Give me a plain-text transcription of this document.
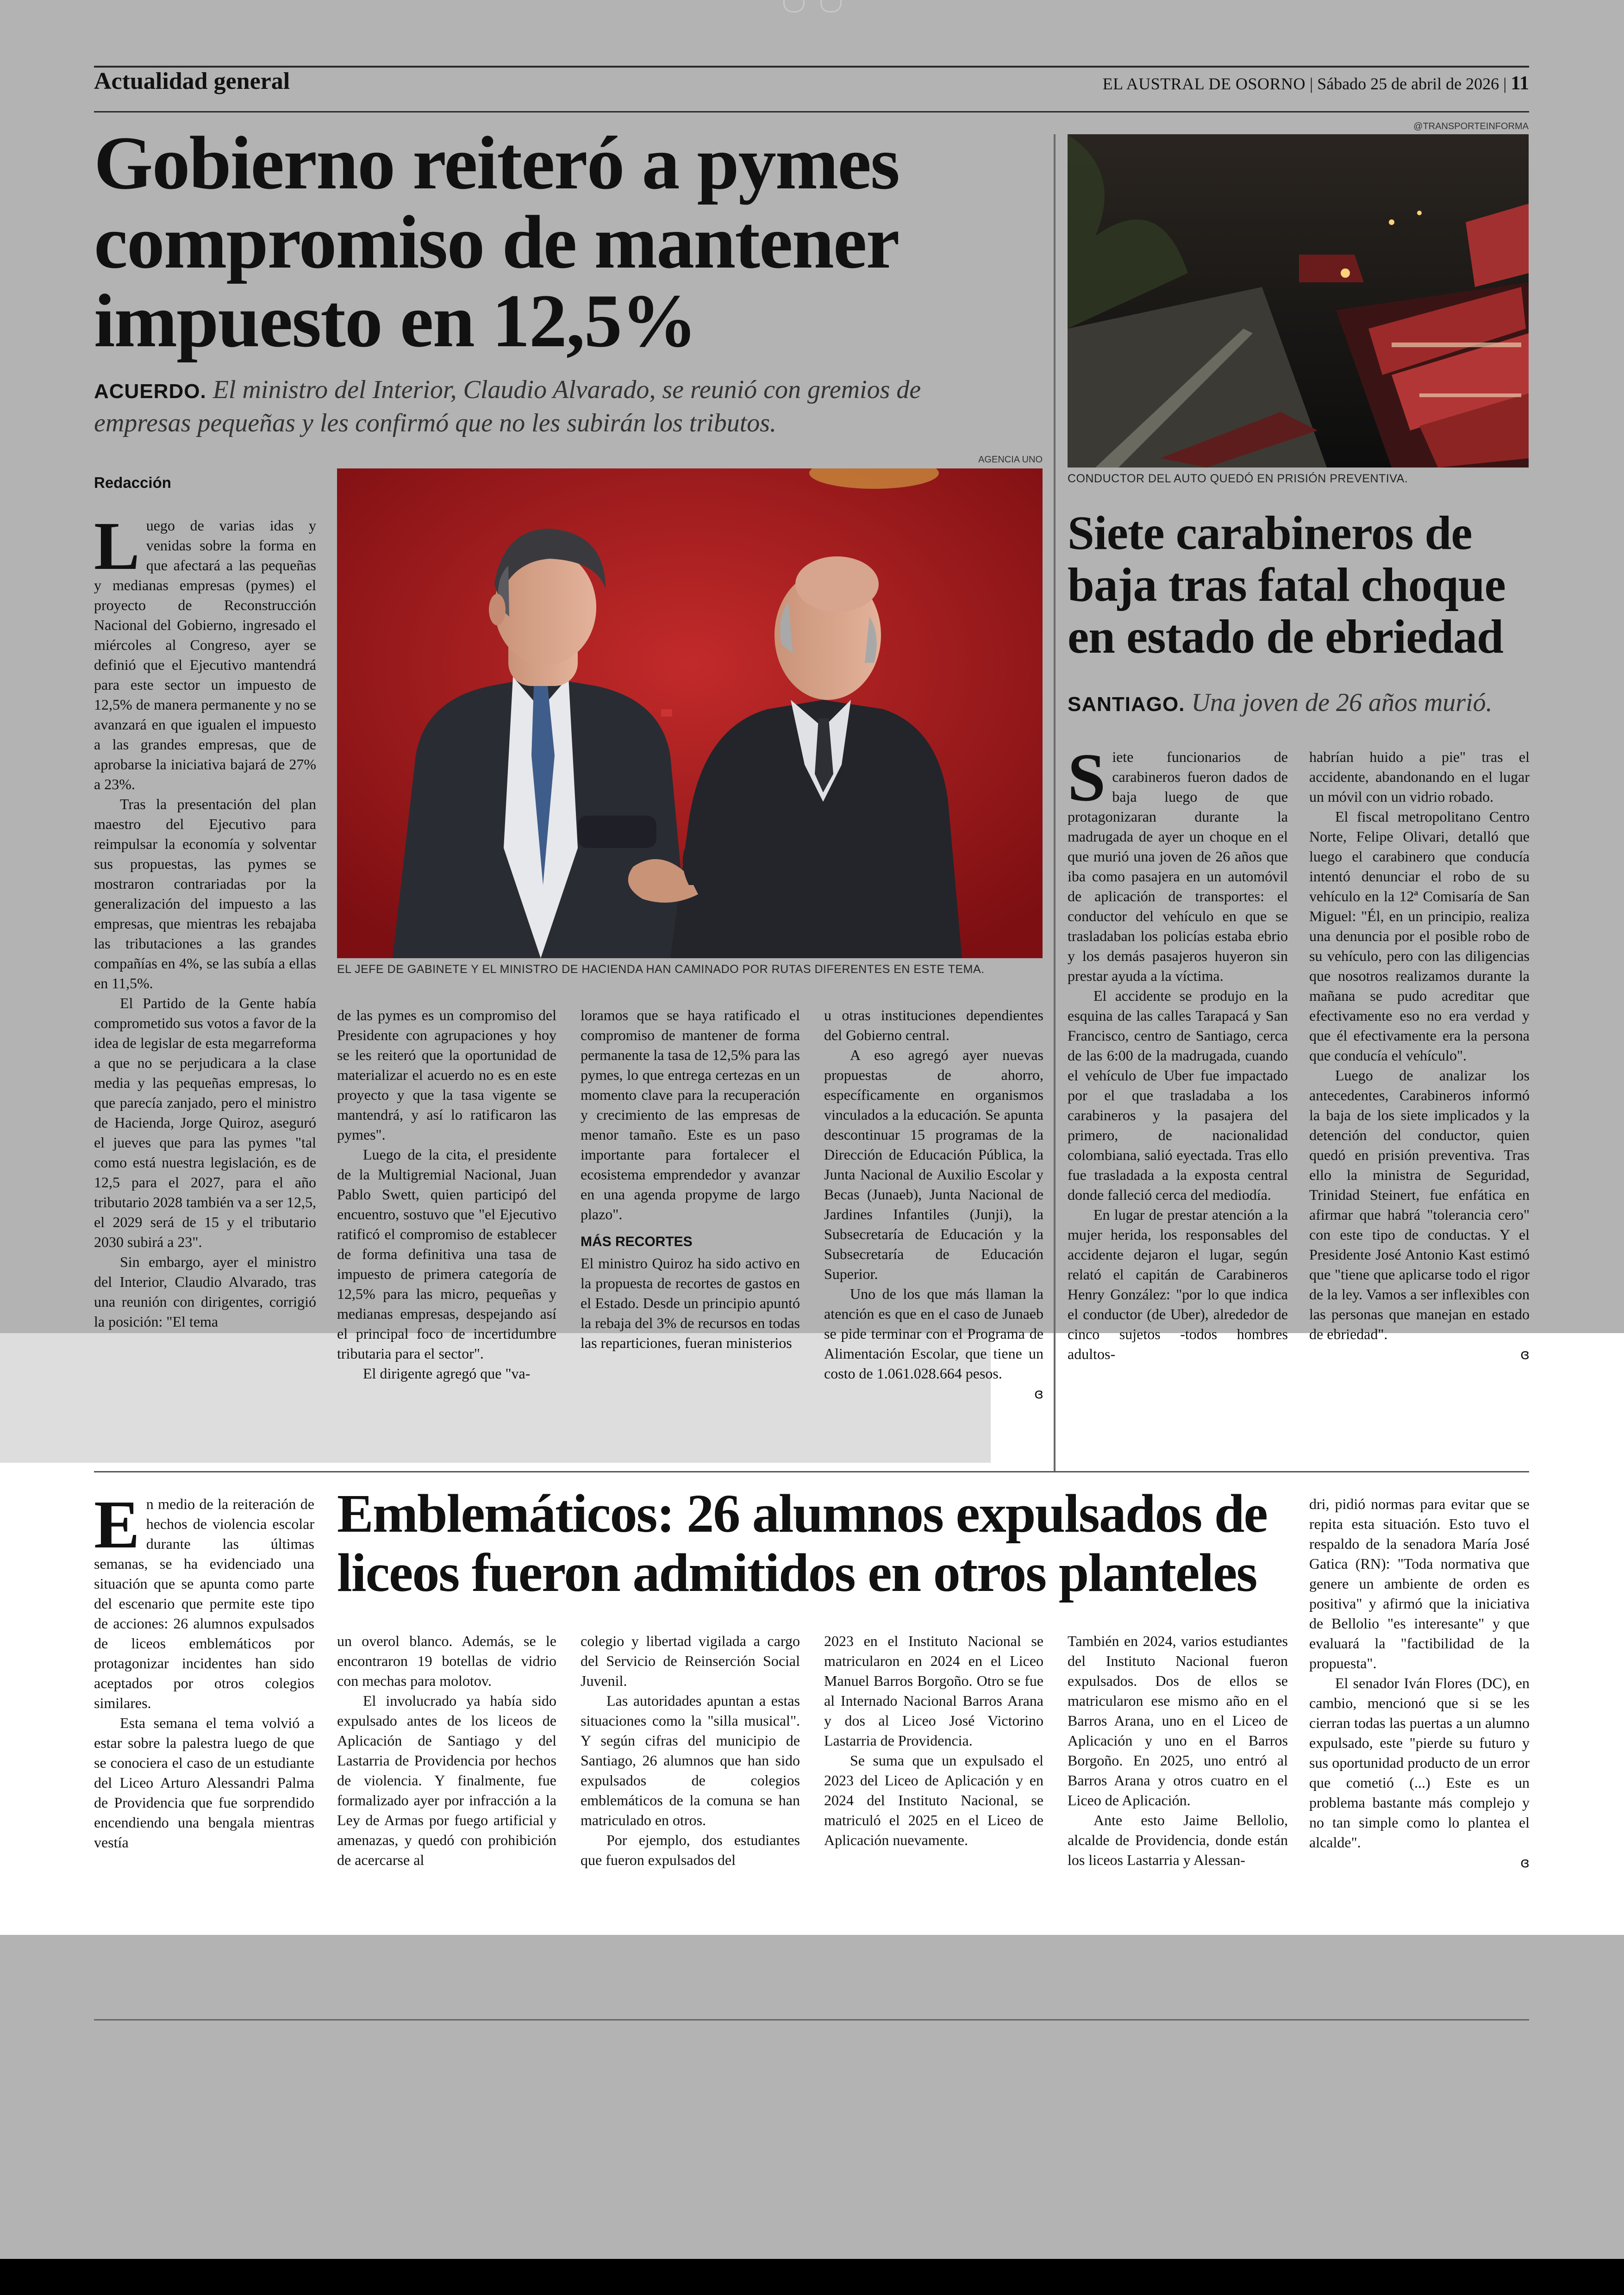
Actualidad general	EL AUSTRAL DE OSORNO | Sábado 25 de abril de 2026 | 11
Gobierno reiteró a pymes
compromiso de mantener
impuesto en 12,5%
ACUERDO. El ministro del Interior, Claudio Alvarado, se reunió con gremios de empresas pequeñas y les confirmó que no les subirán los tributos.
Redacción
AGENCIA UNO
EL JEFE DE GABINETE Y EL MINISTRO DE HACIENDA HAN CAMINADO POR RUTAS DIFERENTES EN ESTE TEMA.

Luego de varias idas y venidas sobre la forma en que afectará a las pequeñas y medianas empresas (pymes) el proyecto de Reconstrucción Nacional del Gobierno, ingresado el miércoles al Congreso, ayer se definió que el Ejecutivo mantendrá para este sector un impuesto de 12,5% de manera permanente y no se avanzará en que igualen el impuesto a las grandes empresas, que de aprobarse la iniciativa bajará de 27% a 23%.

Tras la presentación del plan maestro del Ejecutivo para reimpulsar la economía y solventar sus propuestas, las pymes se mostraron contrariadas por la generalización del impuesto a las empresas, que mientras les rebajaba las tributaciones a las grandes compañías en 4%, se las subía a ellas en 11,5%.

El Partido de la Gente había comprometido sus votos a favor de la idea de legislar de esta megarreforma a que no se perjudicara a la clase media y las pequeñas empresas, lo que parecía zanjado, pero el ministro de Hacienda, Jorge Quiroz, aseguró el jueves que para las pymes "tal como está nuestra legislación, es de 12,5 para el 2027, para el año tributario 2028 también va a ser 12,5, el 2029 será de 15 y el tributario 2030 subirá a 23".

Sin embargo, ayer el ministro del Interior, Claudio Alvarado, tras una reunión con dirigentes, corrigió la posición: "El tema

de las pymes es un compromiso del Presidente con agrupaciones y hoy se les reiteró que la oportunidad de materializar el acuerdo no es en este proyecto y que la tasa vigente se mantendrá, y así lo ratificaron las pymes".

Luego de la cita, el presidente de la Multigremial Nacional, Juan Pablo Swett, quien participó del encuentro, sostuvo que "el Ejecutivo ratificó el compromiso de establecer de forma definitiva una tasa de impuesto de primera categoría de 12,5% para las micro, pequeñas y medianas empresas, despejando así el principal foco de incertidumbre tributaria para el sector".

El dirigente agregó que "va-

loramos que se haya ratificado el compromiso de mantener de forma permanente la tasa de 12,5% para las pymes, lo que entrega certezas en un momento clave para la recuperación y crecimiento de las empresas de menor tamaño. Este es un paso importante para fortalecer el ecosistema emprendedor y avanzar en una agenda propyme de largo plazo".

MÁS RECORTES

El ministro Quiroz ha sido activo en la propuesta de recortes de gastos en el Estado. Desde un principio apuntó la rebaja del 3% de recursos en todas las reparticiones, fueran ministerios

u otras instituciones dependientes del Gobierno central.

A eso agregó ayer nuevas propuestas de ahorro, específicamente en organismos vinculados a la educación. Se apunta descontinuar 15 programas de la Dirección de Educación Pública, la Junta Nacional de Auxilio Escolar y Becas (Junaeb), Junta Nacional de Jardines Infantiles (Junji), la Subsecretaría de Educación y la Subsecretaría de Educación Superior.

Uno de los que más llaman la atención es que en el caso de Junaeb se pide terminar con el Programa de Alimentación Escolar, que tiene un costo de 1.061.028.664 pesos.

ɞ
@TRANSPORTEINFORMA
CONDUCTOR DEL AUTO QUEDÓ EN PRISIÓN PREVENTIVA.
Siete carabineros de
baja tras fatal choque
en estado de ebriedad
SANTIAGO. Una joven de 26 años murió.

Siete funcionarios de carabineros fueron dados de baja luego de que protagonizaran durante la madrugada de ayer un choque en el que murió una joven de 26 años que iba como pasajera en un automóvil de aplicación de transportes: el conductor del vehículo en que se trasladaban los policías estaba ebrio y los demás pasajeros huyeron sin prestar ayuda a la víctima.

El accidente se produjo en la esquina de las calles Tarapacá y San Francisco, centro de Santiago, cerca de las 6:00 de la madrugada, cuando el vehículo de Uber fue impactado por el que trasladaba a los carabineros y la pasajera del primero, de nacionalidad colombiana, salió eyectada. Tras ello fue trasladada a la exposta central donde falleció cerca del mediodía.

En lugar de prestar atención a la mujer herida, los responsables del accidente dejaron el lugar, según relató el capitán de Carabineros Henry González: "por lo que indica el conductor (de Uber), alrededor de cinco sujetos -todos hombres adultos-

habrían huido a pie" tras el accidente, abandonando en el lugar un móvil con un vidrio robado.

El fiscal metropolitano Centro Norte, Felipe Olivari, detalló que luego el carabinero que conducía intentó denunciar el robo de su vehículo en la 12ª Comisaría de San Miguel: "Él, en un principio, realiza una denuncia por el posible robo de su vehículo, pero con las diligencias que nosotros realizamos durante la mañana se pudo acreditar que efectivamente eso no era verdad y que él efectivamente era la persona que conducía el vehículo".

Luego de analizar los antecedentes, Carabineros informó la baja de los siete implicados y la detención del conductor, quien quedó en prisión preventiva. Tras ello la ministra de Seguridad, Trinidad Steinert, fue enfática en afirmar que habrá "tolerancia cero" con este tipo de conductas. Y el Presidente José Antonio Kast estimó que "tiene que aplicarse todo el rigor de la ley. Vamos a ser inflexibles con las personas que manejan en estado de ebriedad".

ɞ

En medio de la reiteración de hechos de violencia escolar durante las últimas semanas, se ha evidenciado una situación que se apunta como parte del escenario que permite este tipo de acciones: 26 alumnos expulsados de liceos emblemáticos por protagonizar incidentes han sido aceptados por otros colegios similares.

Esta semana el tema volvió a estar sobre la palestra luego de que se conociera el caso de un estudiante del Liceo Arturo Alessandri Palma de Providencia que fue sorprendido encendiendo una bengala mientras vestía

Emblemáticos: 26 alumnos expulsados de
liceos fueron admitidos en otros planteles

un overol blanco. Además, se le encontraron 19 botellas de vidrio con mechas para molotov.

El involucrado ya había sido expulsado antes de los liceos de Aplicación de Santiago y del Lastarria de Providencia por hechos de violencia. Y finalmente, fue formalizado ayer por infracción a la Ley de Armas por fuego artificial y amenazas, y quedó con prohibición de acercarse al

colegio y libertad vigilada a cargo del Servicio de Reinserción Social Juvenil.

Las autoridades apuntan a estas situaciones como la "silla musical". Y según cifras del municipio de Santiago, 26 alumnos que han sido expulsados de colegios emblemáticos de la comuna se han matriculado en otros.

Por ejemplo, dos estudiantes que fueron expulsados del

2023 en el Instituto Nacional se matricularon en 2024 en el Liceo Manuel Barros Borgoño. Otro se fue al Internado Nacional Barros Arana y dos al Liceo José Victorino Lastarria de Providencia.

Se suma que un expulsado el 2023 del Liceo de Aplicación y en 2024 del Instituto Nacional, se matriculó el 2025 en el Liceo de Aplicación nuevamente.

También en 2024, varios estudiantes del Instituto Nacional fueron expulsados. Dos de ellos se matricularon ese mismo año en el Barros Arana, uno en el Liceo de Aplicación y uno en el Barros Borgoño. En 2025, uno entró al Barros Arana y otros cuatro en el Liceo de Aplicación.

Ante esto Jaime Bellolio, alcalde de Providencia, donde están los liceos Lastarria y Alessan-

dri, pidió normas para evitar que se repita esta situación. Esto tuvo el respaldo de la senadora María José Gatica (RN): "Toda normativa que genere un ambiente de orden es positiva" y afirmó que la iniciativa de Bellolio "es interesante" y que evaluará la "factibilidad de la propuesta".

El senador Iván Flores (DC), en cambio, mencionó que si se les cierran todas las puertas a un alumno expulsado, este "pierde su futuro y sus oportunidad producto de un error que cometió (...) Este es un problema bastante más complejo y no tan simple como lo plantea el alcalde".

ɞ
